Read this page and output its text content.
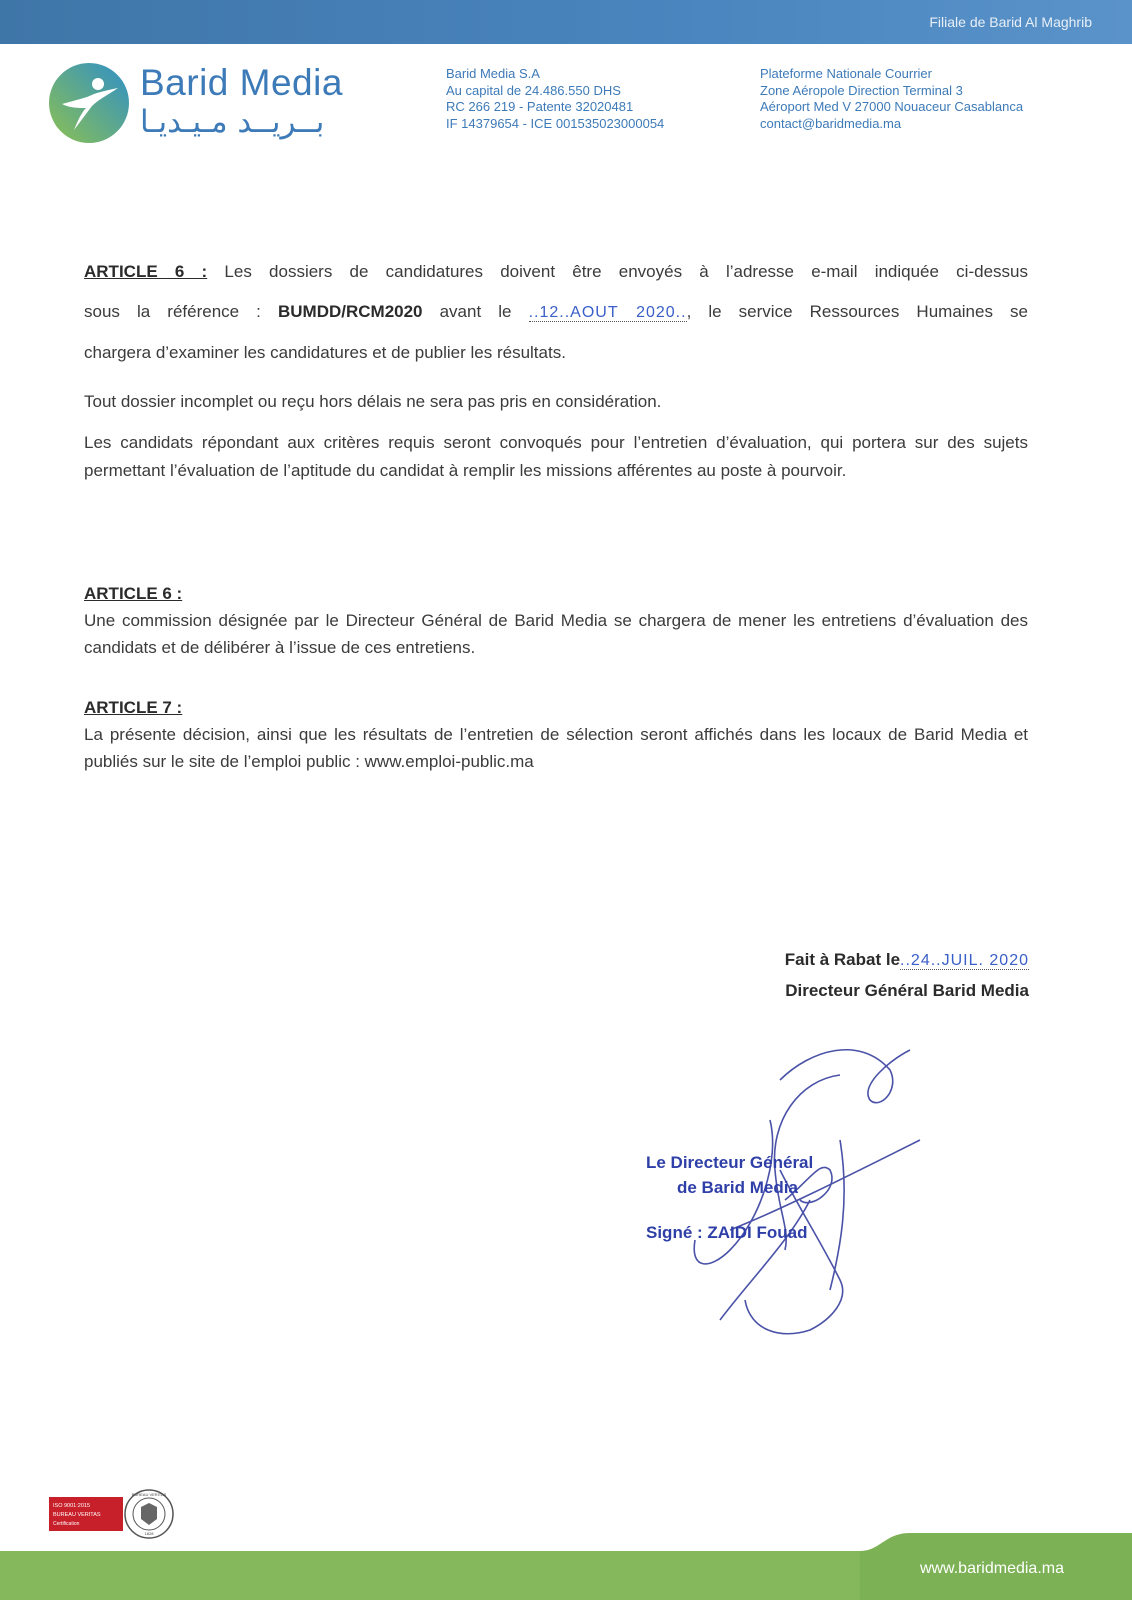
Filiale de Barid Al Maghrib
Barid Media
بــريــد مـيـديـا
Barid Media S.A
Au capital de 24.486.550 DHS
RC 266 219 - Patente 32020481
IF 14379654 - ICE 001535023000054
Plateforme Nationale Courrier
Zone Aéropole Direction Terminal 3
Aéroport Med V 27000 Nouaceur Casablanca
contact@baridmedia.ma
ARTICLE 6 : Les dossiers de candidatures doivent être envoyés à l’adresse e-mail indiquée ci-dessus
sous la référence : BUMDD/RCM2020 avant le ..12..AOUT 2020.., le service Ressources Humaines se
chargera d’examiner les candidatures et de publier les résultats.
Tout dossier incomplet ou reçu hors délais ne sera pas pris en considération.
Les candidats répondant aux critères requis seront convoqués pour l’entretien d’évaluation, qui portera sur des sujets permettant l’évaluation de l’aptitude du candidat à remplir les missions afférentes au poste à pourvoir.
ARTICLE 6 :
Une commission désignée par le Directeur Général de Barid Media se chargera de mener les entretiens d’évaluation des candidats et de délibérer à l’issue de ces entretiens.
ARTICLE 7 :
La présente décision, ainsi que les résultats de l’entretien de sélection seront affichés dans les locaux de Barid Media et publiés sur le site de l’emploi public : www.emploi-public.ma
Fait à Rabat le..24..JUIL. 2020
Directeur Général Barid Media
Le Directeur Général
de Barid Media
Signé : ZAIDI Fouad
ISO 9001:2015
BUREAU VERITAS
Certification
BUREAU VERITAS
1828
www.baridmedia.ma
